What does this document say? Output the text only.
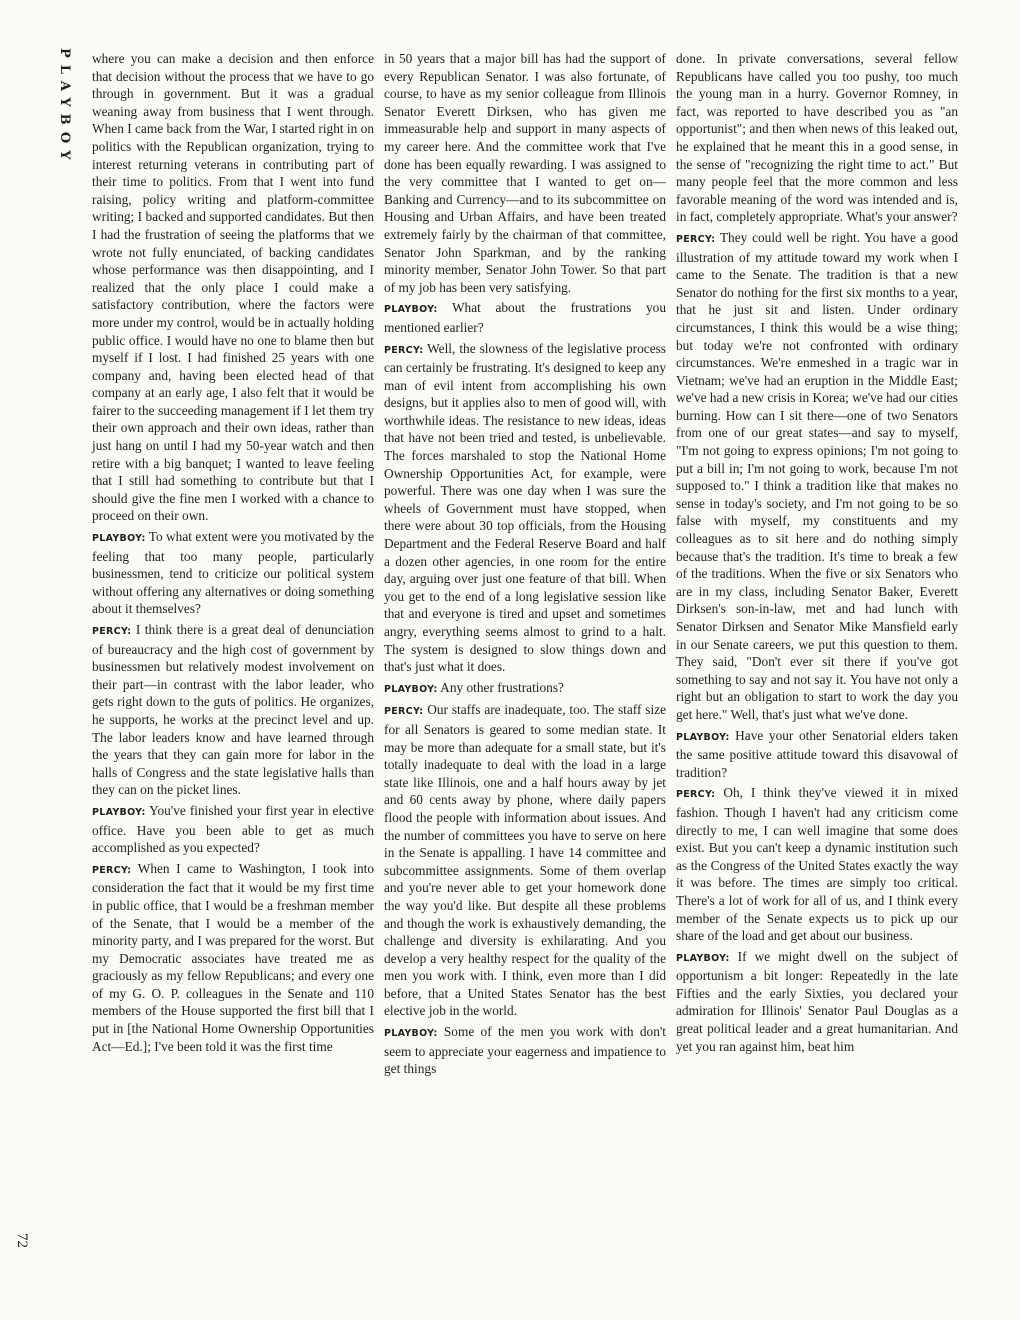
PLAYBOY
72

where you can make a decision and then enforce that decision without the process that we have to go through in government. But it was a gradual weaning away from business that I went through. When I came back from the War, I started right in on politics with the Republican organization, trying to interest returning veterans in contributing part of their time to politics. From that I went into fund raising, policy writing and platform-committee writing; I backed and supported candidates. But then I had the frustration of seeing the platforms that we wrote not fully enunciated, of backing candidates whose performance was then disappointing, and I realized that the only place I could make a satisfactory contribution, where the factors were more under my control, would be in actually holding public office. I would have no one to blame then but myself if I lost. I had finished 25 years with one company and, having been elected head of that company at an early age, I also felt that it would be fairer to the succeeding management if I let them try their own approach and their own ideas, rather than just hang on until I had my 50-year watch and then retire with a big banquet; I wanted to leave feeling that I still had something to contribute but that I should give the fine men I worked with a chance to proceed on their own.

PLAYBOY: To what extent were you motivated by the feeling that too many people, particularly businessmen, tend to criticize our political system without offering any alternatives or doing something about it themselves?

PERCY: I think there is a great deal of denunciation of bureaucracy and the high cost of government by businessmen but relatively modest involvement on their part—in contrast with the labor leader, who gets right down to the guts of politics. He organizes, he supports, he works at the precinct level and up. The labor leaders know and have learned through the years that they can gain more for labor in the halls of Congress and the state legislative halls than they can on the picket lines.

PLAYBOY: You've finished your first year in elective office. Have you been able to get as much accomplished as you expected?

PERCY: When I came to Washington, I took into consideration the fact that it would be my first time in public office, that I would be a freshman member of the Senate, that I would be a member of the minority party, and I was prepared for the worst. But my Democratic associates have treated me as graciously as my fellow Republicans; and every one of my G. O. P. colleagues in the Senate and 110 members of the House supported the first bill that I put in [the National Home Ownership Opportunities Act—Ed.]; I've been told it was the first time

in 50 years that a major bill has had the support of every Republican Senator. I was also fortunate, of course, to have as my senior colleague from Illinois Senator Everett Dirksen, who has given me immeasurable help and support in many aspects of my career here. And the committee work that I've done has been equally rewarding. I was assigned to the very committee that I wanted to get on—Banking and Currency—and to its subcommittee on Housing and Urban Affairs, and have been treated extremely fairly by the chairman of that committee, Senator John Sparkman, and by the ranking minority member, Senator John Tower. So that part of my job has been very satisfying.

PLAYBOY: What about the frustrations you mentioned earlier?

PERCY: Well, the slowness of the legislative process can certainly be frustrating. It's designed to keep any man of evil intent from accomplishing his own designs, but it applies also to men of good will, with worthwhile ideas. The resistance to new ideas, ideas that have not been tried and tested, is unbelievable. The forces marshaled to stop the National Home Ownership Opportunities Act, for example, were powerful. There was one day when I was sure the wheels of Government must have stopped, when there were about 30 top officials, from the Housing Department and the Federal Reserve Board and half a dozen other agencies, in one room for the entire day, arguing over just one feature of that bill. When you get to the end of a long legislative session like that and everyone is tired and upset and sometimes angry, everything seems almost to grind to a halt. The system is designed to slow things down and that's just what it does.

PLAYBOY: Any other frustrations?

PERCY: Our staffs are inadequate, too. The staff size for all Senators is geared to some median state. It may be more than adequate for a small state, but it's totally inadequate to deal with the load in a large state like Illinois, one and a half hours away by jet and 60 cents away by phone, where daily papers flood the people with information about issues. And the number of committees you have to serve on here in the Senate is appalling. I have 14 committee and subcommittee assignments. Some of them overlap and you're never able to get your homework done the way you'd like. But despite all these problems and though the work is exhaustively demanding, the challenge and diversity is exhilarating. And you develop a very healthy respect for the quality of the men you work with. I think, even more than I did before, that a United States Senator has the best elective job in the world.

PLAYBOY: Some of the men you work with don't seem to appreciate your eagerness and impatience to get things

done. In private conversations, several fellow Republicans have called you too pushy, too much the young man in a hurry. Governor Romney, in fact, was reported to have described you as "an opportunist"; and then when news of this leaked out, he explained that he meant this in a good sense, in the sense of "recognizing the right time to act." But many people feel that the more common and less favorable meaning of the word was intended and is, in fact, completely appropriate. What's your answer?

PERCY: They could well be right. You have a good illustration of my attitude toward my work when I came to the Senate. The tradition is that a new Senator do nothing for the first six months to a year, that he just sit and listen. Under ordinary circumstances, I think this would be a wise thing; but today we're not confronted with ordinary circumstances. We're enmeshed in a tragic war in Vietnam; we've had an eruption in the Middle East; we've had a new crisis in Korea; we've had our cities burning. How can I sit there—one of two Senators from one of our great states—and say to myself, "I'm not going to express opinions; I'm not going to put a bill in; I'm not going to work, because I'm not supposed to." I think a tradition like that makes no sense in today's society, and I'm not going to be so false with myself, my constituents and my colleagues as to sit here and do nothing simply because that's the tradition. It's time to break a few of the traditions. When the five or six Senators who are in my class, including Senator Baker, Everett Dirksen's son-in-law, met and had lunch with Senator Dirksen and Senator Mike Mansfield early in our Senate careers, we put this question to them. They said, "Don't ever sit there if you've got something to say and not say it. You have not only a right but an obligation to start to work the day you get here." Well, that's just what we've done.

PLAYBOY: Have your other Senatorial elders taken the same positive attitude toward this disavowal of tradition?

PERCY: Oh, I think they've viewed it in mixed fashion. Though I haven't had any criticism come directly to me, I can well imagine that some does exist. But you can't keep a dynamic institution such as the Congress of the United States exactly the way it was before. The times are simply too critical. There's a lot of work for all of us, and I think every member of the Senate expects us to pick up our share of the load and get about our business.

PLAYBOY: If we might dwell on the subject of opportunism a bit longer: Repeatedly in the late Fifties and the early Sixties, you declared your admiration for Illinois' Senator Paul Douglas as a great political leader and a great humanitarian. And yet you ran against him, beat him
